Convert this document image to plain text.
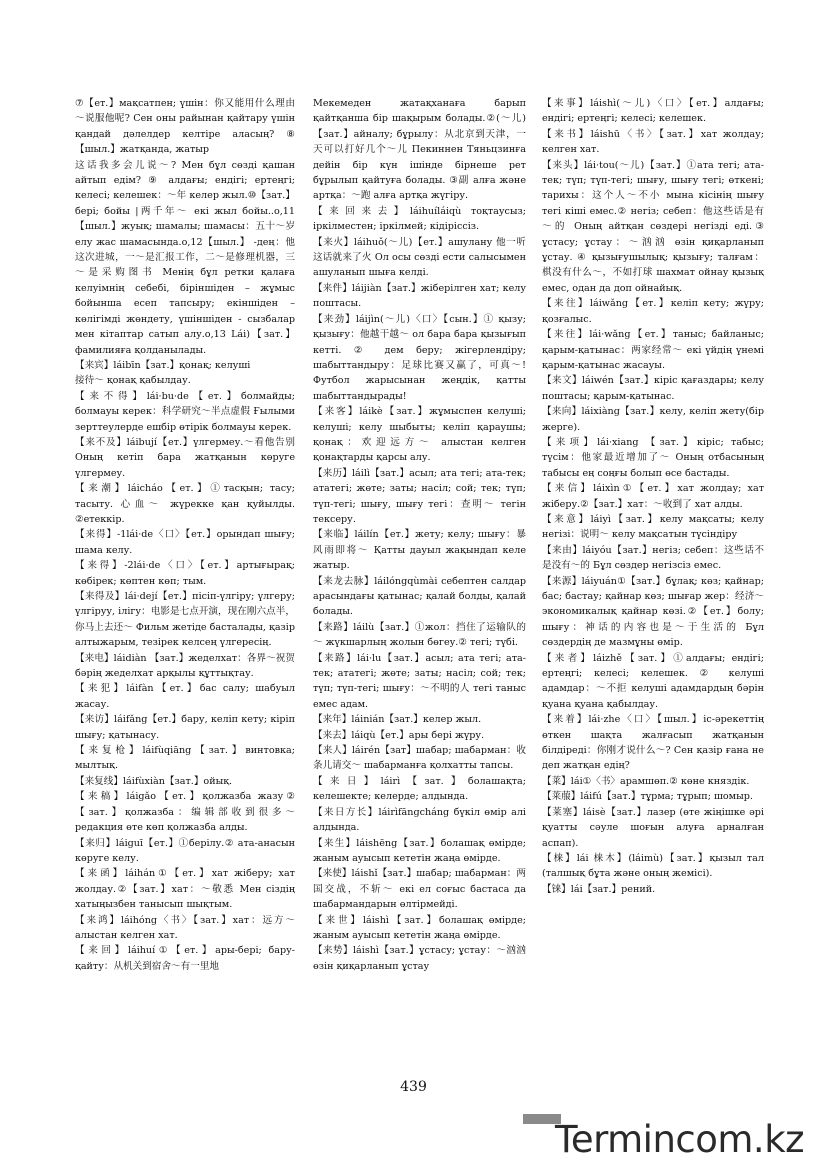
⑦【ет.】мақсатпен; үшін：你又能用什么理由～说服他呢? Сен оны райынан қайтару үшін қандай дәлелдер келтіре аласың? ⑧【шыл.】жатқанда, жатыр

这话我多会儿说～? Мен бұл сөзді қашан айтып едім? ⑨ алдағы; ендігі; ертеңгі; келесі; келешек：～年 келер жыл.⑩【зат.】бері; бойы |两千年～ екі жыл бойы..о,11 【шыл.】жуық; шамалы; шамасы：五十～岁 елу жас шамасында.о,12【шыл.】 -дең：他这次进城，一～是汇报工作，二～是修理机器，三～是采购图书 Менің бұл ретки қалаға келуімнің себебі, біріншіден – жұмыс бойынша есеп тапсыру; екіншіден – көлігімді жөндету, үшіншіден - сызбалар мен кітаптар сатып алу.о,13 Lái)【зат.】фамилияға қолданылады.

【来宾】láibīn【зат.】қонақ; келуші

接待～ қонақ қабылдау.

【来不得】lái·bu·de【ет.】болмайды; болмауы керек：科学研究～半点虚假 Ғылыми зерттеулерде ешбір өтірік болмауы керек.

【来不及】láibují【ет.】үлгермеу.～看他告别 Оның кетіп бара жатқанын көруге үлгермеу.

【来潮】láicháo【ет.】①тасқын; тасу; тасыту. 心血～ жүрекке қан қуйылды. ②етеккір.

【来得】-1lái·de〈口〉【ет.】орындап шығу; шама келу.

【来得】-2lái·de〈口〉【ет.】артығырақ; көбірек; көптен көп; тым.

【来得及】lái·dejí【ет.】пісіп-үлгіру; үлгеру; үлгіруу, ілігу：电影是七点开演，现在刚六点半，你马上去还～ Фильм жетіде басталады, қазір алтыжарым, тезірек келсең үлгересің.

【来电】láidiàn 【зат.】жеделхат：各界～祝贺 бәрің жеделхат арқылы құттықтау.

【来犯】láifàn【ет.】бас салу; шабуыл жасау.

【来访】láifǎng【ет.】бару, келіп кету; кіріп шығу; қатынасу.

【来复枪】láifùqiāng【зат.】винтовка; мылтық.

【来复线】láifùxiàn【зат.】ойық.

【来稿】láigǎo【ет.】қолжазба жазу② 【зат.】қолжазба：编辑部收到很多～ редакция өте көп қолжазба алды.

【来归】láiguī【ет.】①берілу.② ата-анасын көруге келу.

【来函】láihán①【ет.】хат жіберу; хат жолдау.②【зат.】хат：～敬悉 Мен сіздің хатыңызбен танысып шықтым.

【来鸿】láihóng〈书〉【зат.】хат：远方～ алыстан келген хат.

【来回】láihuí①【ет.】ары-бері; бару-қайту：从机关到宿舍～有一里地

Мекемеден жатақханаға барып қайтқанша бір шақырым болады.②(～儿)【зат.】айналу; бұрылу：从北京到天津，一天可以打好几个～儿 Пекиннен Тяньцзинға дейін бір күн ішінде бірнеше рет бұрылып қайтуға болады. ③副 алға және артқа：～跑 алға артқа жүгіру.

【来回来去】láihuíláiqù тоқтаусыз; іркілместен; іркілмей; кідіріссіз.

【来火】láihuǒ(～儿)【ет.】ашулану 他一听这话就来了火 Ол осы сөзді ести салысымен ашуланып шыға келді.

【来件】láijiàn【зат.】жіберілген хат; келу поштасы.

【来劲】láijìn(～儿)〈口〉【сын.】① қызу; қызығу：他越干越～ ол бара бара қызығып кетті. ② дем беру; жігерлендіру; шабыттандыру：足球比赛又赢了，可真～! Футбол жарысынан жеңдік, қатты шабыттандырады!

【来客】láikè【зат.】жұмыспен келуші; келуші; келу шыбыты; келіп қараушы; қонақ：欢迎远方～ алыстан келген қонақтарды қарсы алу.

【来历】láilì【зат.】асыл; ата тегі; ата-тек; ататегі; жөте; заты; насіл; сой; тек; түп; түп-тегі; шығу, шығу тегі：查明～ тегін тексеру.

【来临】láilín【ет.】жету; келу; шығу：暴风雨即将～ Қатты дауыл жақындап келе жатыр.

【来龙去脉】láilóngqùmài себептен салдар арасындағы қатынас; қалай болды, қалай болады.

【来路】láilù【зат.】①жол：挡住了运输队的～ жүкшарлың жолын бөгеу.② тегі; түбі.

【来路】lái·lu【зат.】асыл; ата тегі; ата-тек; ататегі; жөте; заты; насіл; сой; тек; түп; түп-тегі; шығу：～不明的人 тегі таныс емес адам.

【来年】láinián【зат.】келер жыл.

【来去】láiqù【ет.】ары бері жүру.

【来人】láirén【зат】шабар; шабарман：收条儿请交～ шабарманға қолхатты тапсы.

【来日】láirì【зат.】болашақта; келешекте; келерде; алдында.

【来日方长】láirìfāngcháng бүкіл өмір алі алдында.

【来生】láishēng【зат.】болашақ өмірде; жаным ауысып кететін жаңа өмірде.

【来使】láishǐ【зат.】шабар; шабарман：两国交战，不斩～ екі ел соғыс бастаса да шабармандарын өлтірмейді.

【来世】láishì【зат.】болашақ өмірде; жаным ауысып кететін жаңа өмірде.

【来势】láishì【зат.】ұстасу; ұстау：～汹汹 өзін қиқарланып ұстау

【来事】láishì(～儿)〈口〉【ет.】алдағы; ендігі; ертеңгі; келесі; келешек.

【来书】láishū〈书〉【зат.】хат жолдау; келген хат.

【来头】lái·tou(～儿)【зат.】①ата тегі; ата-тек; түп; түп-тегі; шығу, шығу тегі; өткені; тарихы：这个人～不小 мына кісінің шығу тегі кіші емес.② негіз; себеп：他这些话是有～的 Оның айтқан сөздері негізді еді.③ ұстасу; ұстау：～汹汹 өзін қиқарланып ұстау. ④ қызығушылық; қызығу; талғам：棋没有什么～，不如打球 шахмат ойнау қызық емес, одан да доп ойнайық.

【来往】láiwǎng【ет.】келіп кету; жүру; қозғалыс.

【来往】lái·wǎng【ет.】таныс; байланыс; қарым-қатынас：两家经常～ екі үйдің үнемі қарым-қатынас жасауы.

【来文】láiwén【зат.】кіріс қағаздары; келу поштасы; қарым-қатынас.

【来向】láixiàng【зат.】келу, келіп жету(бір жерге).

【来项】lái·xiang 【зат.】кіріс; табыс; түсім：他家最近增加了～ Оның отбасының табысы ең соңғы болып өсе бастады.

【来信】láixìn①【ет.】хат жолдау; хат жіберу.②【зат.】хат：～收到了 хат алды.

【来意】láiyì【зат.】келу мақсаты; келу негізі：说明～ келу мақсатын түсіндіру

【来由】láiyóu【зат.】негіз; себеп：这些话不是没有～的 Бұл сөздер негізсіз емес.

【来源】láiyuán①【зат.】бұлақ; көз; қайнар; бас; бастау; қайнар көз; шығар жер：经济～ экономикалық қайнар көзі.②【ет.】болу; шығу：神话的内容也是～于生活的 Бұл сөздердің де мазмұны өмір.

【来者】láizhě【зат.】①алдағы; ендігі; ертеңгі; келесі; келешек. ② келуші адамдар：～不拒 келуші адамдардың бәрін қуана қуана қабылдау.

【来着】lái·zhe〈口〉【шыл.】іс-әрекеттің өткен шақта жалғасып жатқанын білдіреді：你刚才说什么～? Сен қазір ғана не деп жатқан едің?

【莱】lái①〈书〉арамшөп.② көне княздік.

【莱菔】láifú【зат.】тұрма; тұрып; шомыр.

【莱塞】láisè【зат.】лазер (өте жіңішке әрі қуатты сәуле шоғын алуға арналған аспап).

【梾】lái 梾木】(láimù)【зат.】қызыл тал (талшық бұта және оның жеміcі).

【铼】lái【зат.】рений.

439
Termincom.kz
